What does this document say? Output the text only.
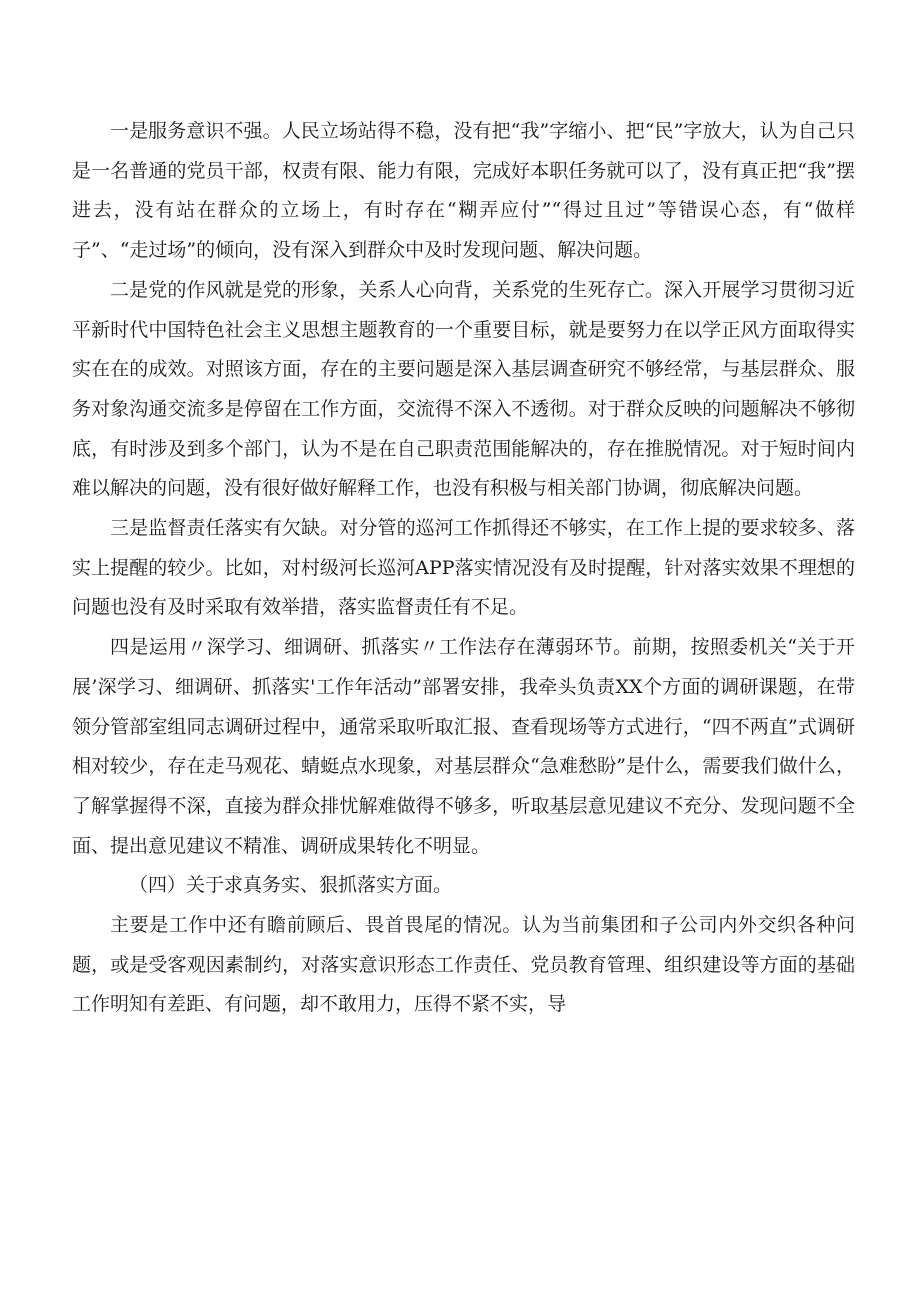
一是服务意识不强。人民立场站得不稳，没有把“我”字缩小、把“民”字放大，认为自己只是一名普通的党员干部，权责有限、能力有限，完成好本职任务就可以了，没有真正把“我”摆进去，没有站在群众的立场上，有时存在“糊弄应付”“得过且过”等错误心态，有“做样子”、“走过场”的倾向，没有深入到群众中及时发现问题、解决问题。

二是党的作风就是党的形象，关系人心向背，关系党的生死存亡。深入开展学习贯彻习近平新时代中国特色社会主义思想主题教育的一个重要目标，就是要努力在以学正风方面取得实实在在的成效。对照该方面，存在的主要问题是深入基层调查研究不够经常，与基层群众、服务对象沟通交流多是停留在工作方面，交流得不深入不透彻。对于群众反映的问题解决不够彻底，有时涉及到多个部门，认为不是在自己职责范围能解决的，存在推脱情况。对于短时间内难以解决的问题，没有很好做好解释工作，也没有积极与相关部门协调，彻底解决问题。

三是监督责任落实有欠缺。对分管的巡河工作抓得还不够实，在工作上提的要求较多、落实上提醒的较少。比如，对村级河长巡河APP落实情况没有及时提醒，针对落实效果不理想的问题也没有及时采取有效举措，落实监督责任有不足。

四是运用〃深学习、细调研、抓落实〃工作法存在薄弱环节。前期，按照委机关“关于开展’深学习、细调研、抓落实'工作年活动”部署安排，我牵头负责XX个方面的调研课题，在带领分管部室组同志调研过程中，通常采取听取汇报、查看现场等方式进行，“四不两直”式调研相对较少，存在走马观花、蜻蜓点水现象，对基层群众“急难愁盼”是什么，需要我们做什么，了解掌握得不深，直接为群众排忧解难做得不够多，听取基层意见建议不充分、发现问题不全面、提出意见建议不精准、调研成果转化不明显。

（四）关于求真务实、狠抓落实方面。

主要是工作中还有瞻前顾后、畏首畏尾的情况。认为当前集团和子公司内外交织各种问题，或是受客观因素制约，对落实意识形态工作责任、党员教育管理、组织建设等方面的基础工作明知有差距、有问题，却不敢用力，压得不紧不实，导
